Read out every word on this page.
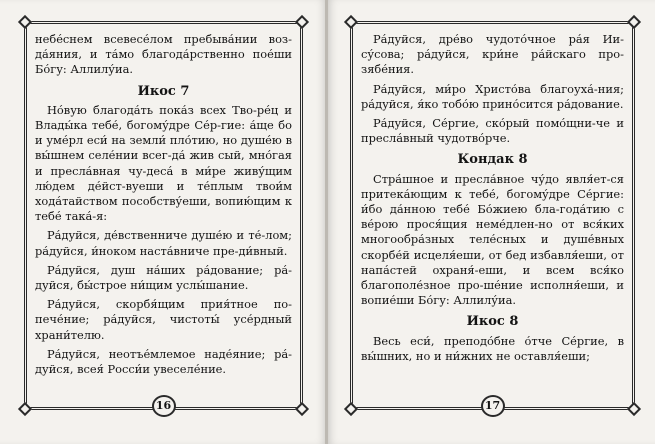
небе́снем всевесе́лом пребыва́нии воз-да́яния, и та́мо благода́рственно пое́ши Бо́гу: Аллилу́иа.

Икос 7

Но́вую благода́ть пока́з всех Тво-ре́ц и Влады́ка тебе́, богому́дре Се́р-гие: а́ще бо и уме́рл еси́ на земли́ пло́тию, но душе́ю в вы́шнем селе́нии всег-да́ жив сый, мно́гая и пресла́вная чу-деса́ в ми́ре живу́щим лю́дем де́йст-вуеши и те́плым твои́м хода́тайством пособству́еши, вопию́щим к тебе́ така́-я:

Ра́дуйся, де́вственниче душе́ю и те́-лом; ра́дуйся, и́ноком наста́вниче пре-ди́вный.

Ра́дуйся, душ на́ших ра́дование; ра́-дуйся, бы́строе ни́щим услы́шание.

Ра́дуйся, скорбя́щим прия́тное по-пече́ние; ра́дуйся, чистоты́ усе́рдный храни́телю.

Ра́дуйся, неотъе́млемое наде́яние; ра́-дуйся, всея́ Росси́и увеселе́ние.

16

Ра́дуйся, дре́во чудото́чное ра́я Ии-су́сова; ра́дуйся, кри́не ра́йскаго про-зябе́ния.

Ра́дуйся, ми́ро Христо́ва благоуха́-ния; ра́дуйся, я́ко тобо́ю прино́сится ра́дование.

Ра́дуйся, Се́ргие, ско́рый помо́щни-че и пресла́вный чудотво́рче.

Кондак 8

Стра́шное и пресла́вное чу́до явля́ет-ся притека́ющим к тебе́, богому́дре Се́ргие: и́бо да́нною тебе́ Бо́жиею бла-года́тию с ве́рою прося́щия неме́длен-но от вся́ких многообра́зных теле́сных и душе́вных скорбе́й исцеля́еши, от бед избавля́еши, от напа́стей охраня́-еши, и всем вся́ко благополе́зное про-ше́ние исполня́еши, и вопие́ши Бо́гу: Аллилу́иа.

Икос 8

Весь еси́, преподо́бне о́тче Се́ргие, в вы́шних, но и ни́жних не оставля́еши;

17
